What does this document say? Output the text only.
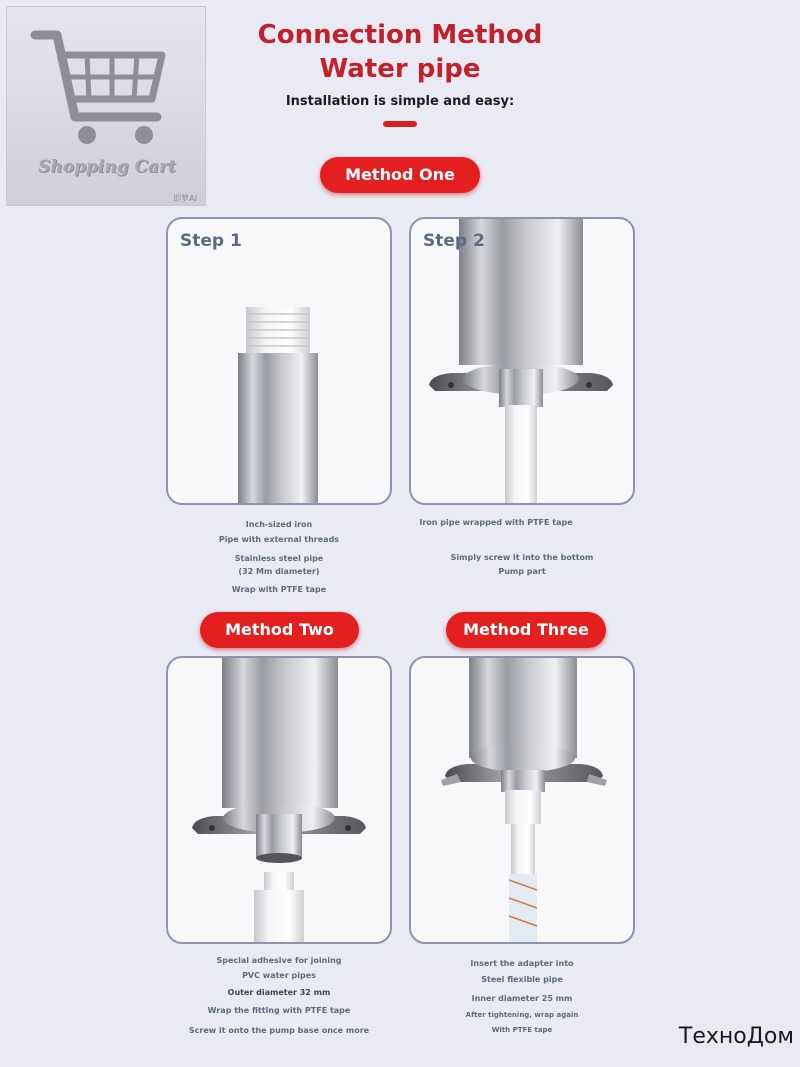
Shopping Cart
即梦AI
Connection Method
Water pipe
Installation is simple and easy:
Method One
Step 1	Step 2
Inch-sized iron
Pipe with external threads
Stainless steel pipe
(32 Mm diameter)
Wrap with PTFE tape
Iron pipe wrapped with PTFE tape
Simply screw it into the bottom
Pump part
Method Two	Method Three
Special adhesive for joining
PVC water pipes
Outer diameter 32 mm
Wrap the fitting with PTFE tape
Screw it onto the pump base once more
Insert the adapter into
Steel flexible pipe
Inner diameter 25 mm
After tightening, wrap again
With PTFE tape	ТехноДом
